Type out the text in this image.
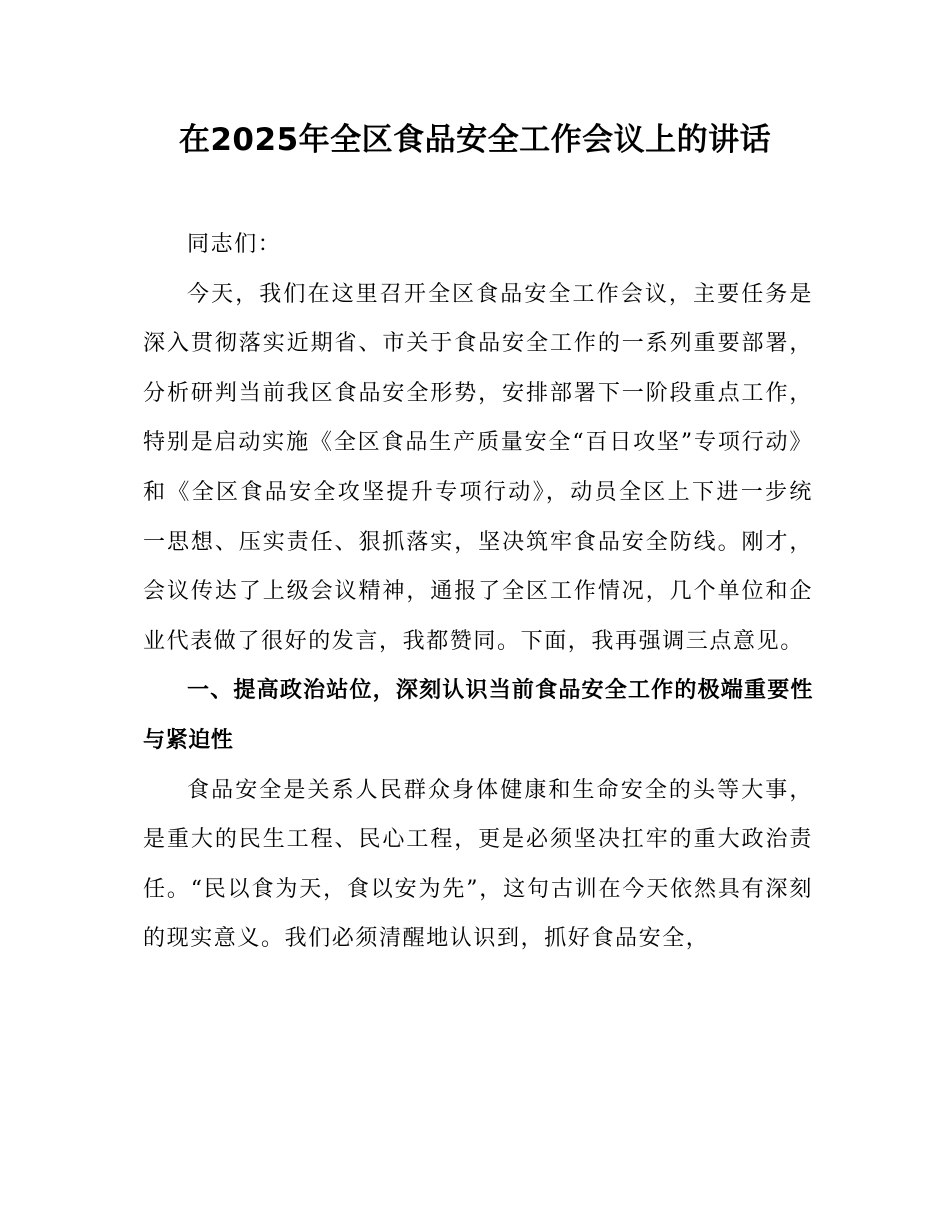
在2025年全区食品安全工作会议上的讲话

同志们：

今天，我们在这里召开全区食品安全工作会议，主要任务是深入贯彻落实近期省、市关于食品安全工作的一系列重要部署，分析研判当前我区食品安全形势，安排部署下一阶段重点工作，特别是启动实施《全区食品生产质量安全“百日攻坚”专项行动》和《全区食品安全攻坚提升专项行动》，动员全区上下进一步统一思想、压实责任、狠抓落实，坚决筑牢食品安全防线。刚才，会议传达了上级会议精神，通报了全区工作情况，几个单位和企业代表做了很好的发言，我都赞同。下面，我再强调三点意见。

一、提高政治站位，深刻认识当前食品安全工作的极端重要性与紧迫性

食品安全是关系人民群众身体健康和生命安全的头等大事，是重大的民生工程、民心工程，更是必须坚决扛牢的重大政治责任。“民以食为天，食以安为先”，这句古训在今天依然具有深刻的现实意义。我们必须清醒地认识到，抓好食品安全，
